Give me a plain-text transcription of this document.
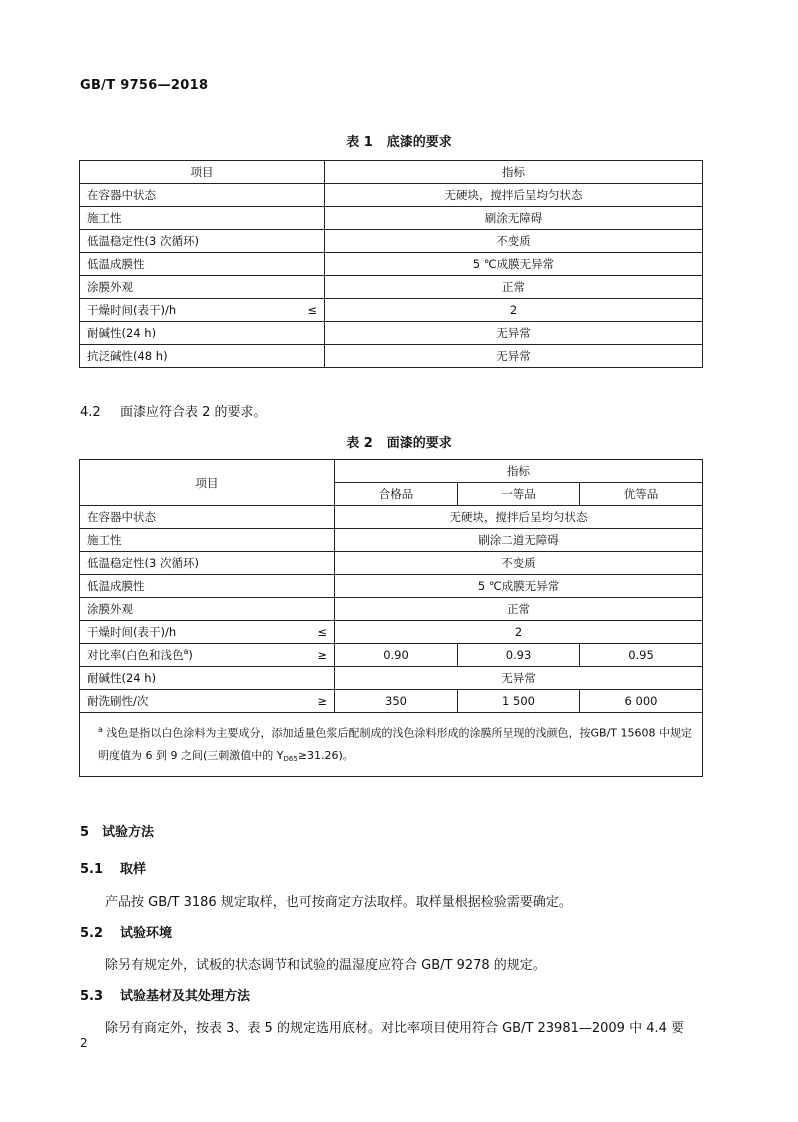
GB/T 9756—2018
表 1 底漆的要求
项目	指标
在容器中状态	无硬块，搅拌后呈均匀状态
施工性	刷涂无障碍
低温稳定性(3 次循环)	不变质
低温成膜性	5 ℃成膜无异常
涂膜外观	正常

干燥时间(表干)/h ≤	2
耐碱性(24 h)	无异常
抗泛碱性(48 h)	无异常
4.2 面漆应符合表 2 的要求。
表 2 面漆的要求
项目	指标		
	合格品	一等品	优等品
在容器中状态	无硬块，搅拌后呈均匀状态		
施工性	刷涂二道无障碍		
低温稳定性(3 次循环)	不变质		
低温成膜性	5 ℃成膜无异常		
涂膜外观	正常		

干燥时间(表干)/h ≤	2		

对比率(白色和浅色$^a$) ≥	0.90	0.93	0.95
耐碱性(24 h)	无异常		

耐洗刷性/次 ≥	350	1 500	6 000
$^a$ 浅色是指以白色涂料为主要成分，添加适量色浆后配制成的浅色涂料形成的涂膜所呈现的浅颜色，按GB/T 15608 中规定明度值为 6 到 9 之间(三刺激值中的 $Y_{D65}\ge 31.26$)。			
5 试验方法
5.1 取样
产品按 GB/T 3186 规定取样，也可按商定方法取样。取样量根据检验需要确定。
5.2 试验环境
除另有规定外，试板的状态调节和试验的温湿度应符合 GB/T 9278 的规定。
5.3 试验基材及其处理方法
除另有商定外，按表 3、表 5 的规定选用底材。对比率项目使用符合 GB/T 23981—2009 中 4.4 要
2
